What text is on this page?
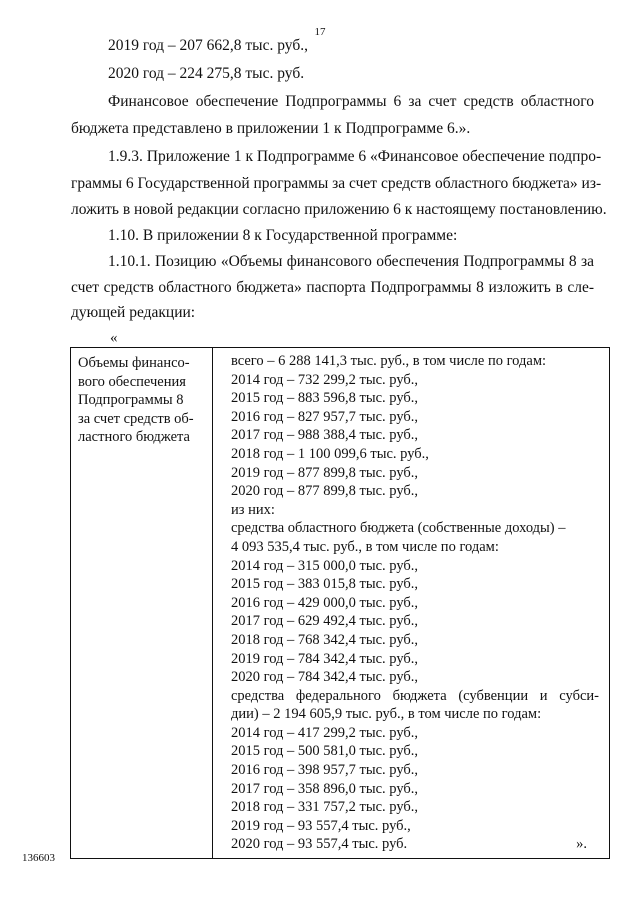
17
2019 год – 207 662,8 тыс. руб.,
2020 год – 224 275,8 тыс. руб.
Финансовое обеспечение Подпрограммы 6 за счет средств областного
бюджета представлено в приложении 1 к Подпрограмме 6.».
1.9.3. Приложение 1 к Подпрограмме 6 «Финансовое обеспечение подпро-
граммы 6 Государственной программы за счет средств областного бюджета» из-
ложить в новой редакции согласно приложению 6 к настоящему постановлению.
1.10. В приложении 8 к Государственной программе:
1.10.1. Позицию «Объемы финансового обеспечения Подпрограммы 8 за
счет средств областного бюджета» паспорта Подпрограммы 8 изложить в сле-
дующей редакции:
«
Объемы финансо-
вого обеспечения
Подпрограммы 8
за счет средств об-
ластного бюджета

всего – 6 288 141,3 тыс. руб., в том числе по годам:
2014 год – 732 299,2 тыс. руб.,
2015 год – 883 596,8 тыс. руб.,
2016 год – 827 957,7 тыс. руб.,
2017 год – 988 388,4 тыс. руб.,
2018 год – 1 100 099,6 тыс. руб.,
2019 год – 877 899,8 тыс. руб.,
2020 год – 877 899,8 тыс. руб.,
из них:
средства областного бюджета (собственные доходы) –
4 093 535,4 тыс. руб., в том числе по годам:
2014 год – 315 000,0 тыс. руб.,
2015 год – 383 015,8 тыс. руб.,
2016 год – 429 000,0 тыс. руб.,
2017 год – 629 492,4 тыс. руб.,
2018 год – 768 342,4 тыс. руб.,
2019 год – 784 342,4 тыс. руб.,
2020 год – 784 342,4 тыс. руб.,
средства федерального бюджета (субвенции и субси-
дии) – 2 194 605,9 тыс. руб., в том числе по годам:
2014 год – 417 299,2 тыс. руб.,
2015 год – 500 581,0 тыс. руб.,
2016 год – 398 957,7 тыс. руб.,
2017 год – 358 896,0 тыс. руб.,
2018 год – 331 757,2 тыс. руб.,
2019 год – 93 557,4 тыс. руб.,
2020 год – 93 557,4 тыс. руб.	».
136603
